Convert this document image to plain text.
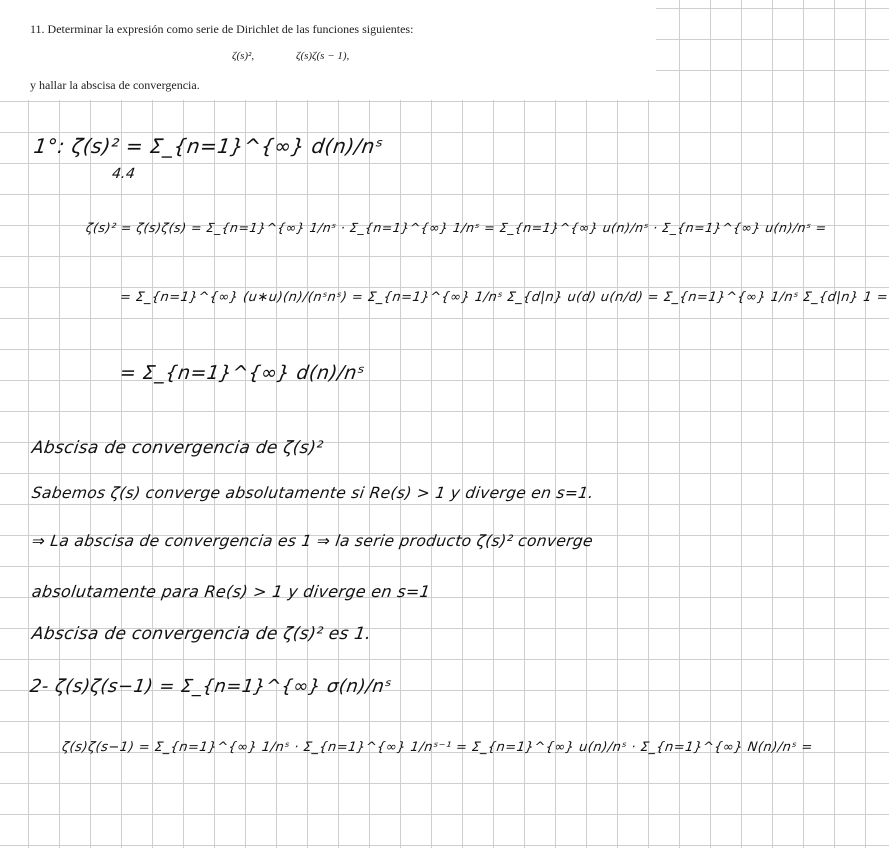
11. Determinar la expresión como serie de Dirichlet de las funciones siguientes:
ζ(s)²,	ζ(s)ζ(s − 1),
y hallar la abscisa de convergencia.
1°: ζ(s)² = Σ_{n=1}^{∞} d(n)/nˢ
4.4
ζ(s)² = ζ(s)ζ(s) = Σ_{n=1}^{∞} 1/nˢ · Σ_{n=1}^{∞} 1/nˢ = Σ_{n=1}^{∞} u(n)/nˢ · Σ_{n=1}^{∞} u(n)/nˢ =
= Σ_{n=1}^{∞} (u∗u)(n)/(nˢnˢ) = Σ_{n=1}^{∞} 1/nˢ Σ_{d|n} u(d) u(n/d) = Σ_{n=1}^{∞} 1/nˢ Σ_{d|n} 1 =
= Σ_{n=1}^{∞} d(n)/nˢ
Abscisa de convergencia de ζ(s)²
Sabemos ζ(s) converge absolutamente si Re(s) > 1 y diverge en s=1.
⇒ La abscisa de convergencia es 1 ⇒ la serie producto ζ(s)² converge
absolutamente para Re(s) > 1 y diverge en s=1
Abscisa de convergencia de ζ(s)² es 1.
2- ζ(s)ζ(s−1) = Σ_{n=1}^{∞} σ(n)/nˢ
ζ(s)ζ(s−1) = Σ_{n=1}^{∞} 1/nˢ · Σ_{n=1}^{∞} 1/nˢ⁻¹ = Σ_{n=1}^{∞} u(n)/nˢ · Σ_{n=1}^{∞} N(n)/nˢ =
